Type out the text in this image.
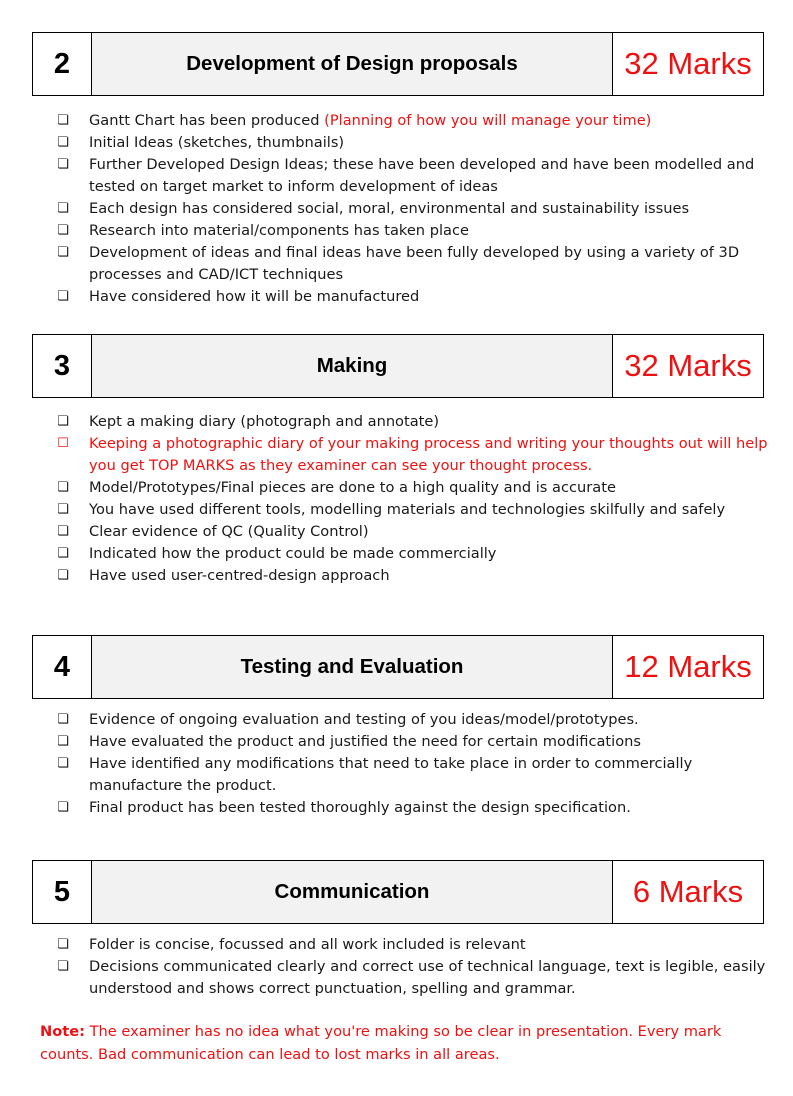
2	Development of Design proposals	32 Marks
❏ Gantt Chart has been produced (Planning of how you will manage your time)
❏ Initial Ideas (sketches, thumbnails)
❏ Further Developed Design Ideas; these have been developed and have been modelled and tested on target market to inform development of ideas
❏ Each design has considered social, moral, environmental and sustainability issues
❏ Research into material/components has taken place
❏ Development of ideas and final ideas have been fully developed by using a variety of 3D processes and CAD/ICT techniques
❏ Have considered how it will be manufactured
3	Making	32 Marks
❏ Kept a making diary (photograph and annotate)
☐ Keeping a photographic diary of your making process and writing your thoughts out will help you get TOP MARKS as they examiner can see your thought process.
❏ Model/Prototypes/Final pieces are done to a high quality and is accurate
❏ You have used different tools, modelling materials and technologies skilfully and safely
❏ Clear evidence of QC (Quality Control)
❏ Indicated how the product could be made commercially
❏ Have used user-centred-design approach
4	Testing and Evaluation	12 Marks
❏ Evidence of ongoing evaluation and testing of you ideas/model/prototypes.
❏ Have evaluated the product and justified the need for certain modifications
❏ Have identified any modifications that need to take place in order to commercially manufacture the product.
❏ Final product has been tested thoroughly against the design specification.
5	Communication	6 Marks
❏ Folder is concise, focussed and all work included is relevant
❏ Decisions communicated clearly and correct use of technical language, text is legible, easily understood and shows correct punctuation, spelling and grammar.
Note: The examiner has no idea what you're making so be clear in presentation. Every mark counts. Bad communication can lead to lost marks in all areas.
